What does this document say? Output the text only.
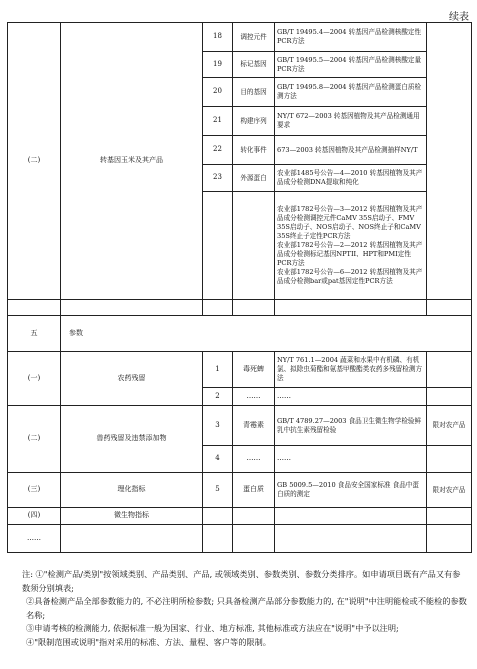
续表
(二)	转基因玉米及其产品	18	调控元件	GB/T 19495.4—2004 转基因产品检测核酸定性PCR方法	
		19	标记基因	GB/T 19495.5—2004 转基因产品检测核酸定量PCR方法	
		20	目的基因	GB/T 19495.8—2004 转基因产品检测蛋白质检测方法	
		21	构建序列	NY/T 672—2003 转基因植物及其产品检测通用要求	
		22	转化事件	673—2003 转基因植物及其产品检测抽样NY/T	
		23	外源蛋白	农业部1485号公告—4—2010 转基因植物及其产品成分检测DNA提取和纯化	

				农业部1782号公告—3—2012 转基因植物及其产品成分检测调控元件CaMV 35S启动子、FMV 35S启动子、NOS启动子、NOS终止子和CaMV 35S终止子定性PCR方法
农业部1782号公告—2—2012 转基因植物及其产品成分检测标记基因NPTII、HPT和PMI定性PCR方法
农业部1782号公告—6—2012 转基因植物及其产品成分检测bar或pat基因定性PCR方法	

五	参数				
(一)	农药残留	1	毒死蜱	NY/T 761.1—2004 蔬菜和水果中有机磷、有机氯、拟除虫菊酯和氨基甲酸酯类农药多残留检测方法	
		2	……	……	
(二)	兽药残留及违禁添加物	3	青霉素	GB/T 4789.27—2003 食品卫生微生物学检验鲜乳中抗生素残留检验	限对农产品
		4	……	……	
(三)	理化指标	5	蛋白质	GB 5009.5—2010 食品安全国家标准 食品中蛋白质的测定	限对农产品
(四)	微生物指标				
……					
注: ①"检测产品/类别"按领域类别、产品类别、产品, 或领域类别、参数类别、参数分类排序。如申请项目既有产品又有参数须分别填表;
②具备检测产品全部参数能力的, 不必注明所检参数; 只具备检测产品部分参数能力的, 在"说明"中注明能检或不能检的参数名称;
③申请考核的检测能力, 依据标准一般为国家、行业、地方标准, 其他标准或方法应在"说明"中予以注明;
④"限制范围或说明"指对采用的标准、方法、量程、客户等的限制。
